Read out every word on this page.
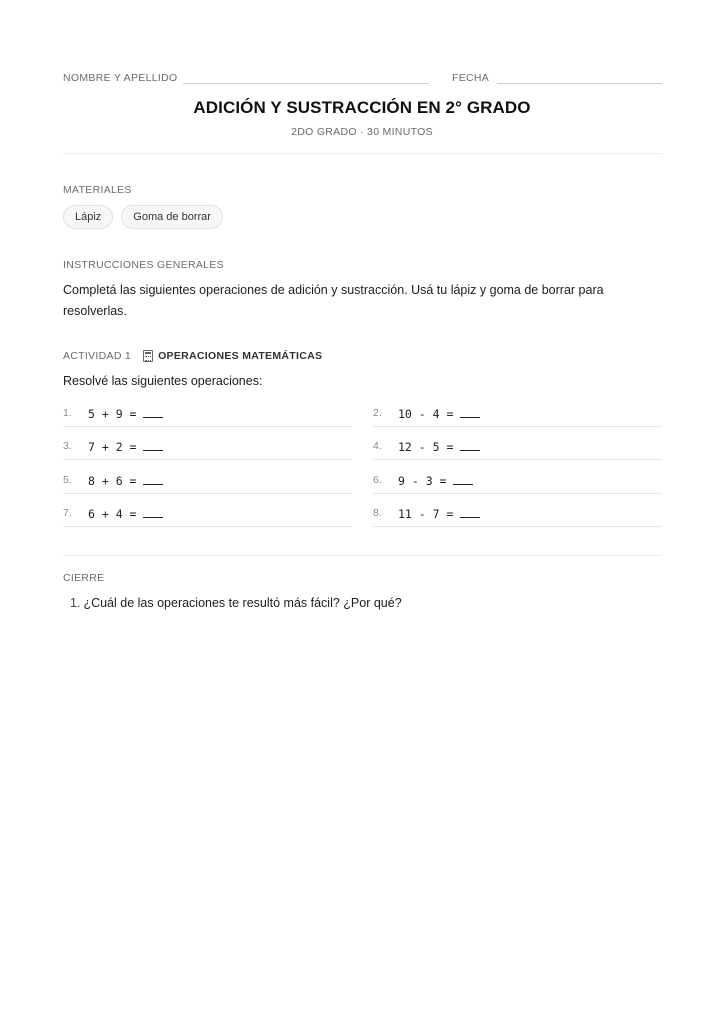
NOMBRE Y APELLIDO	FECHA
ADICIÓN Y SUSTRACCIÓN EN 2° GRADO
2DO GRADO · 30 MINUTOS
MATERIALES
Lápiz	Goma de borrar
INSTRUCCIONES GENERALES
Completá las siguientes operaciones de adición y sustracción. Usá tu lápiz y goma de borrar para resolverlas.
ACTIVIDAD 1	OPERACIONES MATEMÁTICAS
Resolvé las siguientes operaciones:
1. 5 + 9 =	2. 10 - 4 =
3. 7 + 2 =	4. 12 - 5 =
5. 8 + 6 =	6. 9 - 3 =
7. 6 + 4 =	8. 11 - 7 =
CIERRE
1. ¿Cuál de las operaciones te resultó más fácil? ¿Por qué?
